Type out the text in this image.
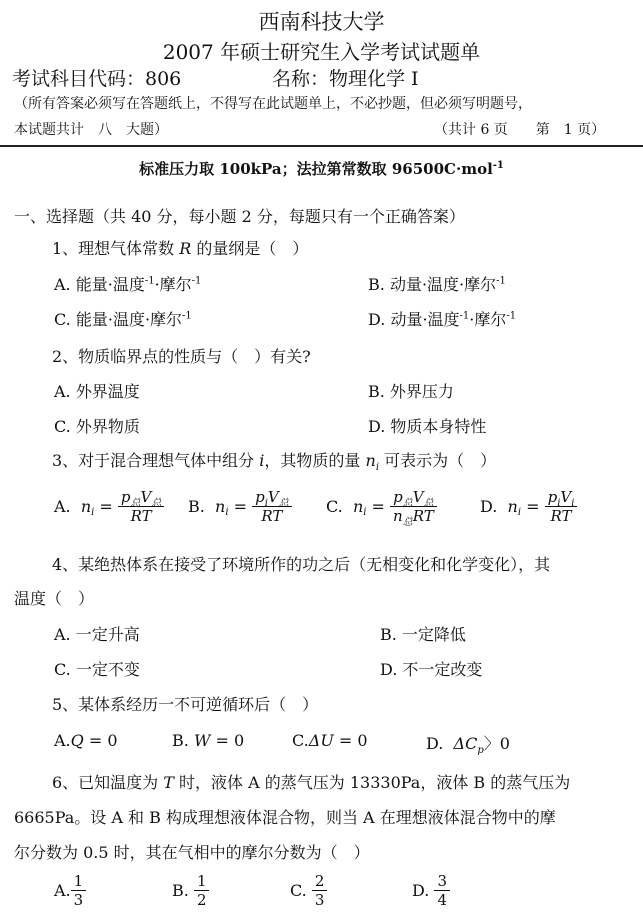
西南科技大学
2007 年硕士研究生入学考试试题单
考试科目代码：806	名称：物理化学 I
（所有答案必须写在答题纸上，不得写在此试题单上，不必抄题，但必须写明题号，
本试题共计　八　大题）	（共计 6 页　　第　1 页）
标准压力取 100kPa；法拉第常数取 96500C·mol$^{-1}$
一、选择题（共 40 分，每小题 2 分，每题只有一个正确答案）
1、理想气体常数 R 的量纲是（　）
A. 能量·温度$^{-1}$·摩尔$^{-1}$	B. 动量·温度·摩尔$^{-1}$
C. 能量·温度·摩尔$^{-1}$	D. 动量·温度$^{-1}$·摩尔$^{-1}$
2、物质临界点的性质与（　）有关?
A. 外界温度	B. 外界压力
C. 外界物质	D. 物质本身特性
3、对于混合理想气体中组分 i，其物质的量 $n_i$ 可表示为（　）
A. $n_i = \frac{p_总V_总}{RT} B$. $n_i = \frac{p_iV_总}{RT} C$. $n_i = \frac{p_总V_总}{n_总RT}$	D. $n_i = \frac{p_iV_i}{RT}$
4、某绝热体系在接受了环境所作的功之后（无相变化和化学变化），其
温度（　）
A. 一定升高	B. 一定降低
C. 一定不变	D. 不一定改变
5、某体系经历一不可逆循环后（　）
A.Q = 0	B. W = 0	C.ΔU = 0	D. $\Delta C_p$〉0
6、已知温度为 T 时，液体 A 的蒸气压为 13330Pa，液体 B 的蒸气压为
6665Pa。设 A 和 B 构成理想液体混合物，则当 A 在理想液体混合物中的摩
尔分数为 0.5 时，其在气相中的摩尔分数为（　）
A. $\frac{1}{3}$	B. $\frac{1}{2}$	C. $\frac{2}{3}$	D. $\frac{3}{4}$
